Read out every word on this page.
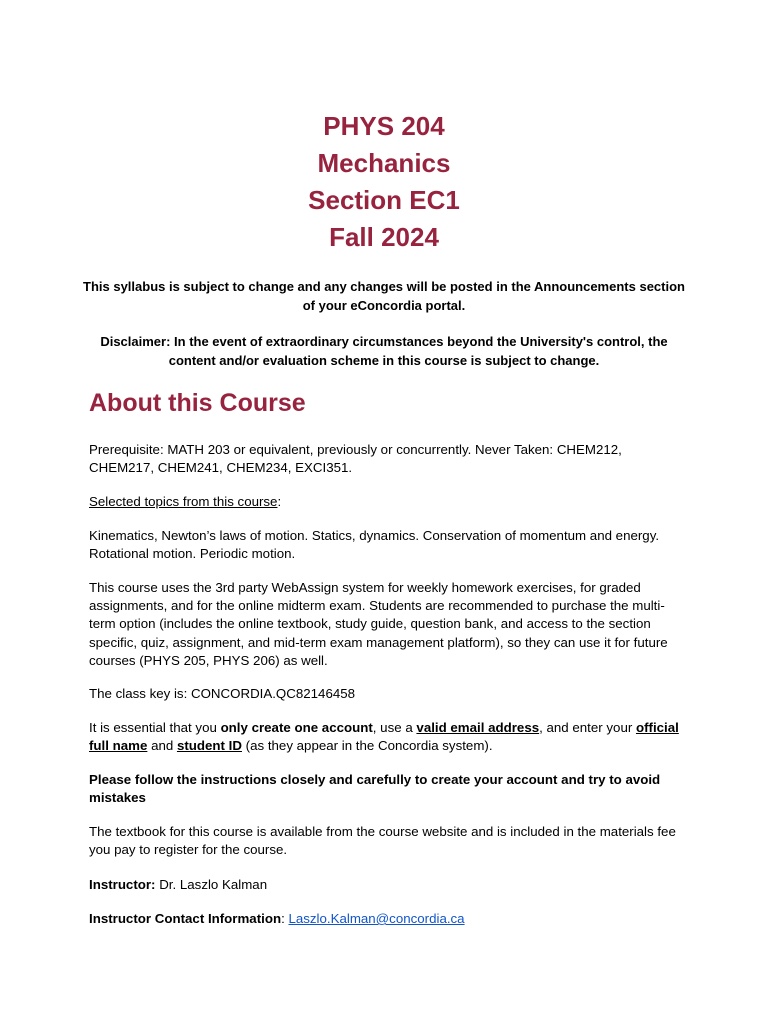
PHYS 204
Mechanics
Section EC1
Fall 2024
This syllabus is subject to change and any changes will be posted in the Announcements section of your eConcordia portal.
Disclaimer: In the event of extraordinary circumstances beyond the University's control, the content and/or evaluation scheme in this course is subject to change.
About this Course

Prerequisite: MATH 203 or equivalent, previously or concurrently. Never Taken: CHEM212, CHEM217, CHEM241, CHEM234, EXCI351.

Selected topics from this course:

Kinematics, Newton’s laws of motion. Statics, dynamics. Conservation of momentum and energy. Rotational motion. Periodic motion.

This course uses the 3rd party WebAssign system for weekly homework exercises, for graded assignments, and for the online midterm exam. Students are recommended to purchase the multi-term option (includes the online textbook, study guide, question bank, and access to the section specific, quiz, assignment, and mid-term exam management platform), so they can use it for future courses (PHYS 205, PHYS 206) as well.

The class key is: CONCORDIA.QC82146458

It is essential that you only create one account, use a valid email address, and enter your official full name and student ID (as they appear in the Concordia system).

Please follow the instructions closely and carefully to create your account and try to avoid mistakes

The textbook for this course is available from the course website and is included in the materials fee you pay to register for the course.

Instructor: Dr. Laszlo Kalman

Instructor Contact Information: Laszlo.Kalman@concordia.ca
